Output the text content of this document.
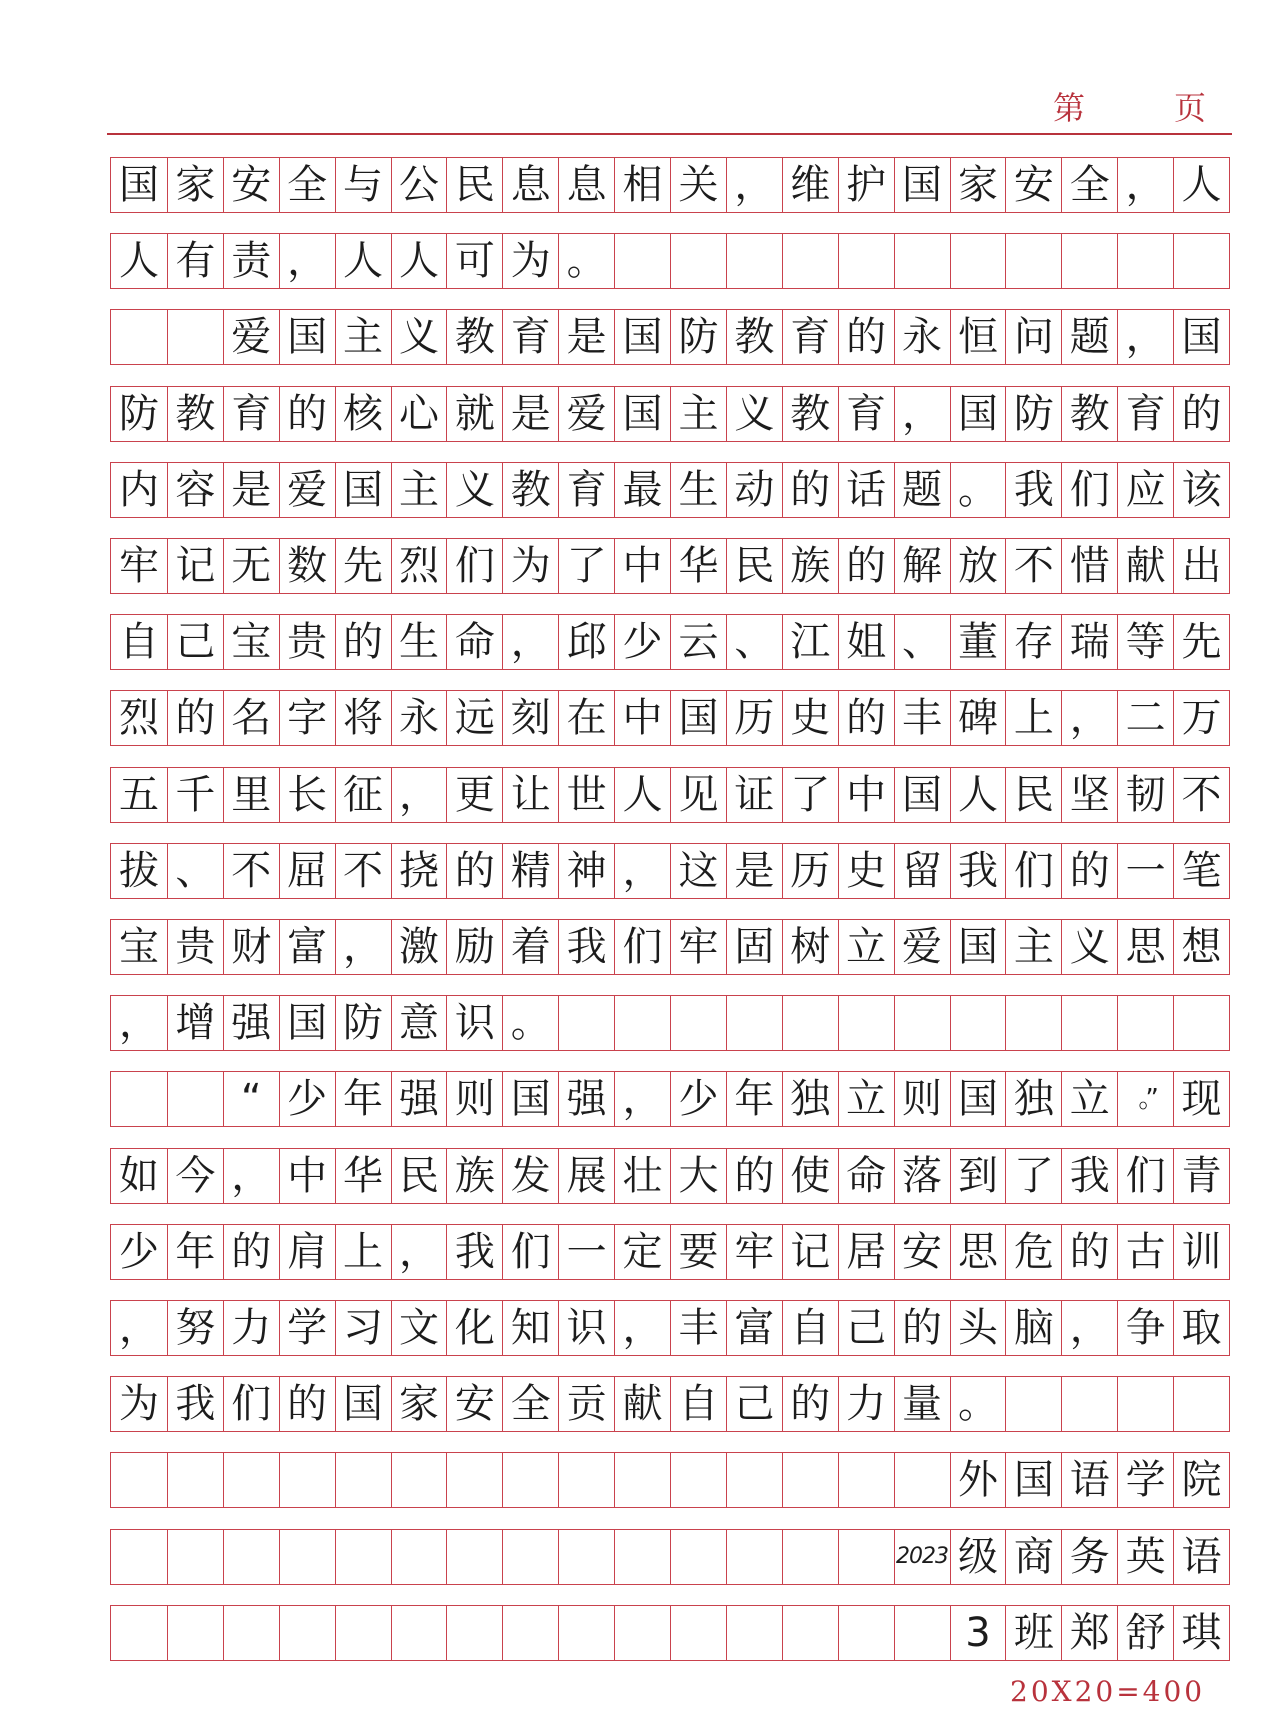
第	页
国 家 安 全 与 公 民 息 息 相 关 ， 维 护 国 家 安 全 ， 人
人 有 责 ， 人 人 可 为 。
爱 国 主 义 教 育 是 国 防 教 育 的 永 恒 问 题 ， 国
防 教 育 的 核 心 就 是 爱 国 主 义 教 育 ， 国 防 教 育 的
内 容 是 爱 国 主 义 教 育 最 生 动 的 话 题 。 我 们 应 该
牢 记 无 数 先 烈 们 为 了 中 华 民 族 的 解 放 不 惜 献 出
自 己 宝 贵 的 生 命 ， 邱 少 云 、 江 姐 、 董 存 瑞 等 先
烈 的 名 字 将 永 远 刻 在 中 国 历 史 的 丰 碑 上 ， 二 万
五 千 里 长 征 ， 更 让 世 人 见 证 了 中 国 人 民 坚 韧 不
拔 、 不 屈 不 挠 的 精 神 ， 这 是 历 史 留 我 们 的 一 笔
宝 贵 财 富 ， 激 励 着 我 们 牢 固 树 立 爱 国 主 义 思 想
， 增 强 国 防 意 识 。
“ 少 年 强 则 国 强 ， 少 年 独 立 则 国 独 立	。” 现
如 今 ， 中 华 民 族 发 展 壮 大 的 使 命 落 到 了 我 们 青
少 年 的 肩 上 ， 我 们 一 定 要 牢 记 居 安 思 危 的 古 训
， 努 力 学 习 文 化 知 识 ， 丰 富 自 己 的 头 脑 ， 争 取
为 我 们 的 国 家 安 全 贡 献 自 己 的 力 量 。
外 国 语 学 院
2023 级 商 务 英 语
3 班 郑 舒 琪
20X20=400
